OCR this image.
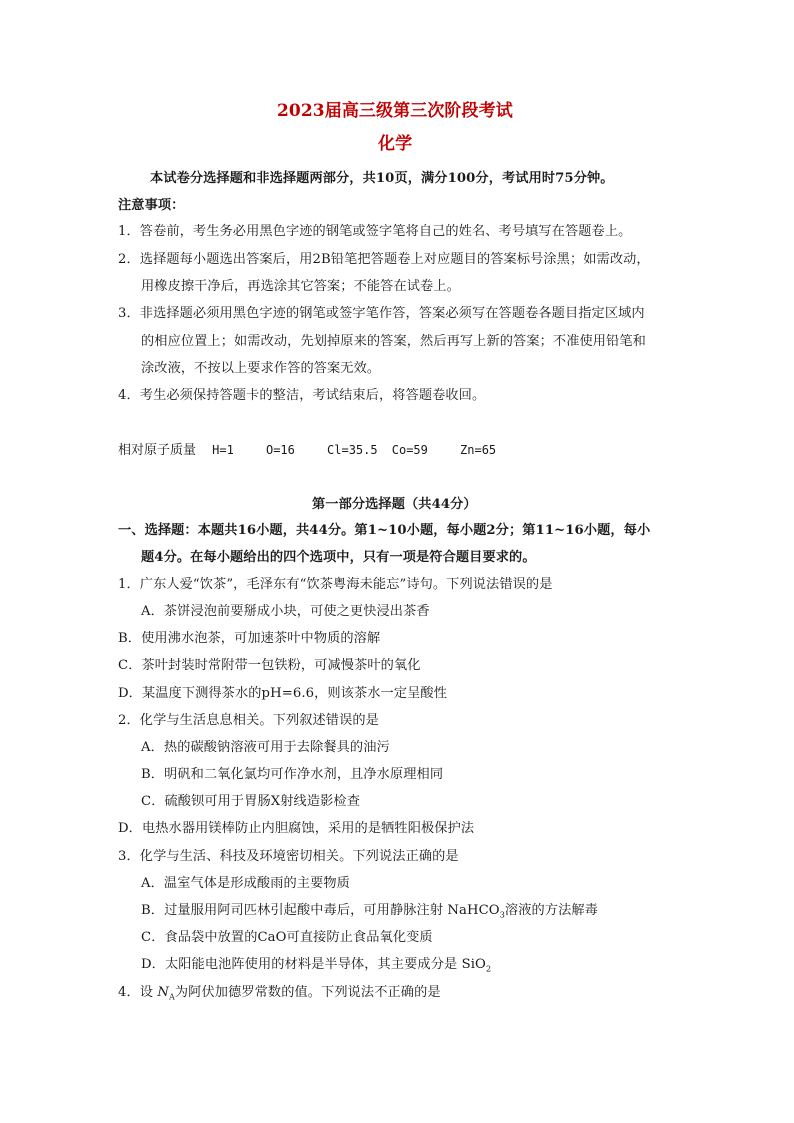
2023届高三级第三次阶段考试
化学
本试卷分选择题和非选择题两部分，共10页，满分100分，考试用时75分钟。
注意事项：
1．答卷前，考生务必用黑色字迹的钢笔或签字笔将自己的姓名、考号填写在答题卷上。
2．选择题每小题选出答案后，用2B铅笔把答题卷上对应题目的答案标号涂黑；如需改动，
用橡皮擦干净后，再选涂其它答案；不能答在试卷上。
3．非选择题必须用黑色字迹的钢笔或签字笔作答，答案必须写在答题卷各题目指定区域内
的相应位置上；如需改动，先划掉原来的答案，然后再写上新的答案；不准使用铅笔和
涂改液，不按以上要求作答的答案无效。
4．考生必须保持答题卡的整洁，考试结束后，将答题卷收回。
相对原子质量 H=1	O=16	Cl=35.5 Co=59	Zn=65
第一部分选择题（共44分）
一、选择题：本题共16小题，共44分。第1~10小题，每小题2分；第11~16小题，每小
题4分。在每小题给出的四个选项中，只有一项是符合题目要求的。
1．广东人爱“饮茶”，毛泽东有“饮茶粤海未能忘”诗句。下列说法错误的是
A．茶饼浸泡前要掰成小块，可使之更快浸出茶香
B．使用沸水泡茶，可加速茶叶中物质的溶解
C．茶叶封装时常附带一包铁粉，可减慢茶叶的氧化
D．某温度下测得茶水的pH=6.6，则该茶水一定呈酸性
2．化学与生活息息相关。下列叙述错误的是
A．热的碳酸钠溶液可用于去除餐具的油污
B．明矾和二氧化氯均可作净水剂，且净水原理相同
C．硫酸钡可用于胃肠X射线造影检查
D．电热水器用镁棒防止内胆腐蚀，采用的是牺牲阳极保护法
3．化学与生活、科技及环境密切相关。下列说法正确的是
A．温室气体是形成酸雨的主要物质
B．过量服用阿司匹林引起酸中毒后，可用静脉注射 NaHCO$_3$溶液的方法解毒
C．食品袋中放置的CaO可直接防止食品氧化变质
D．太阳能电池阵使用的材料是半导体，其主要成分是 SiO$_2$
4．设 $N_A$为阿伏加德罗常数的值。下列说法不正确的是
